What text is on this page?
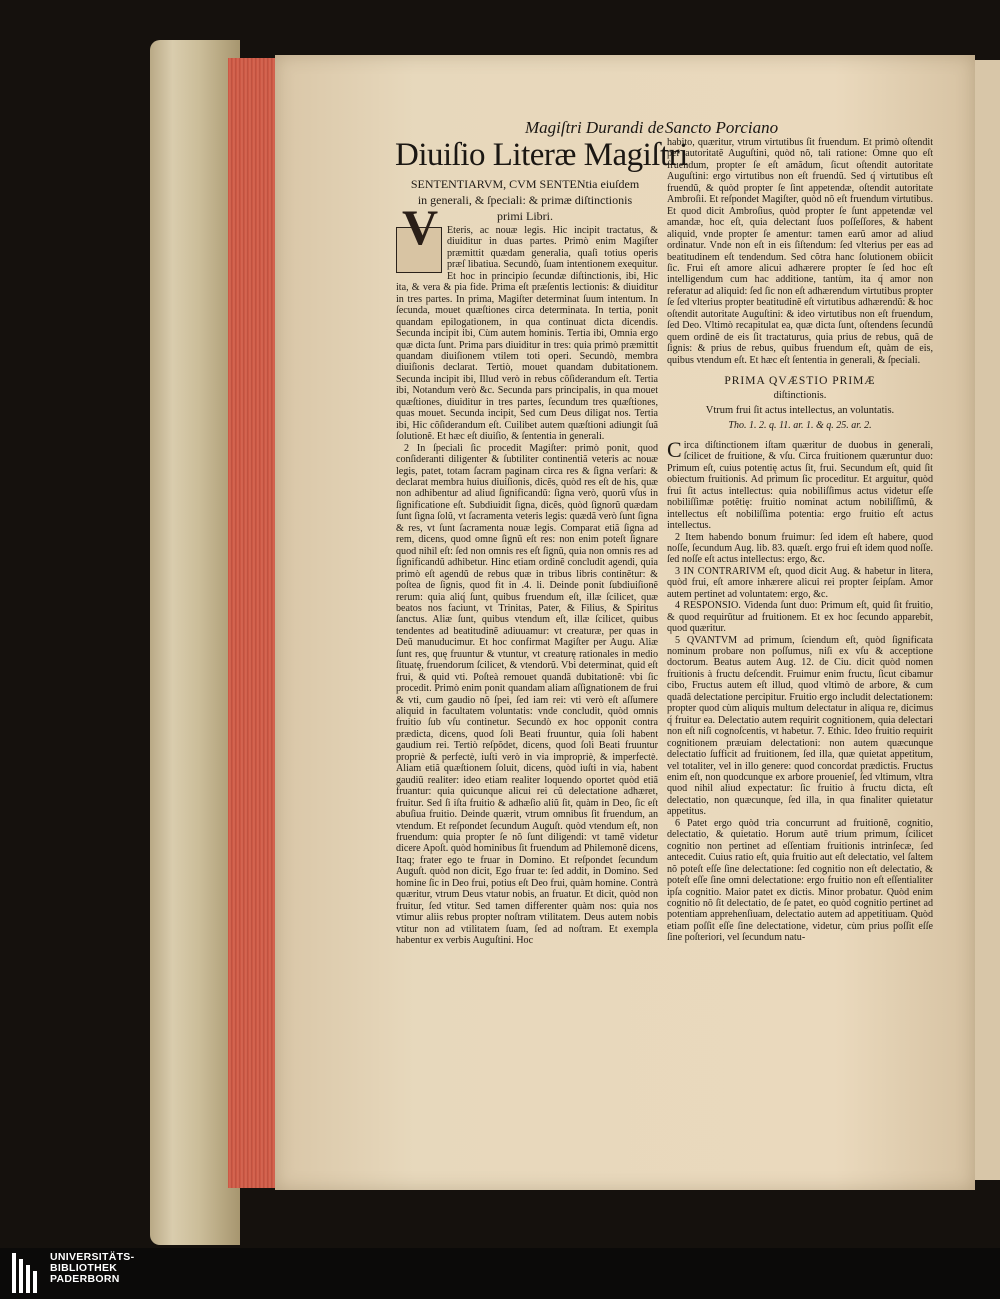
Magiſtri Durandi de Sancto Porciano
Diuiſio Literæ Magiſtri
SENTENTIARVM, CVM SENTENtia eiuſdem in generali, & ſpeciali: & primæ diſtinctionis primi Libri.
V Eteris, ac nouæ legis. Hic incipit tractatus, & diuiditur in duas partes. Primò enim Magiſter præmittit quædam generalia, quaſi totius operis præſ libatiua. Secundò, ſuam intentionem exequitur. Et hoc in principio ſecundæ diſtinctionis, ibi, Hic ita, & vera & pia fide. Prima eſt præſentis lectionis: & diuiditur in tres partes. In prima, Magiſter determinat ſuum intentum. In ſecunda, mouet quæſtiones circa determinata. In tertia, ponit quandam epilogationem, in qua continuat dicta dicendis. Secunda incipit ibi, Cùm autem hominis. Tertia ibi, Omnia ergo quæ dicta ſunt. Prima pars diuiditur in tres: quia primò præmittit quandam diuiſionem vtilem toti operi. Secundò, membra diuiſionis declarat. Tertiò, mouet quandam dubitationem. Secunda incipit ibi, Illud verò in rebus cõſiderandum eſt. Tertia ibi, Notandum verò &c. Secunda pars principalis, in qua mouet quæſtiones, diuiditur in tres partes, ſecundum tres quæſtiones, quas mouet. Secunda incipit, Sed cum Deus diligat nos. Tertia ibi, Hic cõſiderandum eſt. Cuilibet autem quæſtioni adiungit ſuã ſolutionẽ. Et hæc eſt diuiſio, & ſententia in generali.

2 In ſpeciali ſic procedit Magiſter: primò ponit, quod conſideranti diligenter & ſubtiliter continentiã veteris ac nouæ legis, patet, totam ſacram paginam circa res & ſigna verſari: & declarat membra huius diuiſionis, dicẽs, quòd res eſt de his, quæ non adhibentur ad aliud ſignificandũ: ſigna verò, quorũ vſus in ſignificatione eſt. Subdiuidit ſigna, dicẽs, quòd ſignorũ quædam ſunt ſigna ſolũ, vt ſacramenta veteris legis: quædã verò ſunt ſigna & res, vt ſunt ſacramenta nouæ legis. Comparat etiã ſigna ad rem, dicens, quod omne ſignũ eſt res: non enim poteſt ſignare quod nihil eſt: ſed non omnis res eſt ſignũ, quia non omnis res ad ſignificandũ adhibetur. Hinc etiam ordinẽ concludit agendi, quia primò eſt agendũ de rebus quæ in tribus libris continẽtur: & poſtea de ſignis, quod fit in .4. li. Deinde ponit ſubdiuiſionẽ rerum: quia aliq́ ſunt, quibus fruendum eſt, illæ ſcilicet, quæ beatos nos faciunt, vt Trinitas, Pater, & Filius, & Spiritus ſanctus. Aliæ ſunt, quibus vtendum eſt, illæ ſcilicet, quibus tendentes ad beatitudinẽ adiuuamur: vt creaturæ, per quas in Deũ manuducimur. Et hoc confirmat Magiſter per Augu. Aliæ ſunt res, quę fruuntur & vtuntur, vt creaturę rationales in medio ſituatę, fruendorum ſcilicet, & vtendorũ. Vbi determinat, quid eſt frui, & quid vti. Poſteà remouet quandã dubitationẽ: vbi ſic procedit. Primò enim ponit quandam aliam aſſignationem de frui & vti, cum gaudio nõ ſpei, ſed iam rei: vti verò eſt aſſumere aliquid in facultatem voluntatis: vnde concludit, quòd omnis fruitio ſub vſu continetur. Secundò ex hoc opponit contra prædicta, dicens, quod ſoli Beati fruuntur, quia ſoli habent gaudium rei. Tertiò reſpõdet, dicens, quod ſoli Beati fruuntur propriè & perfectè, iuſti verò in via impropriè, & imperfectè. Aliam etiã quæſtionem ſoluit, dicens, quòd iuſti in via, habent gaudiũ realiter: ideo etiam realiter loquendo oportet quòd etiã fruantur: quia quicunque alicui rei cũ delectatione adhæret, fruitur. Sed ſi iſta fruitio & adhæſio aliũ ſit, quàm in Deo, ſic eſt abuſiua fruitio. Deinde quærit, vtrum omnibus ſit fruendum, an vtendum. Et reſpondet ſecundum Auguſt. quòd vtendum eſt, non fruendum: quia propter ſe nõ ſunt diligendi: vt tamẽ videtur dicere Apoſt. quòd hominibus ſit fruendum ad Philemonẽ dicens, Itaq; frater ego te fruar in Domino. Et reſpondet ſecundum Auguſt. quòd non dicit, Ego fruar te: ſed addit, in Domino. Sed homine ſic in Deo frui, potius eſt Deo frui, quàm homine. Contrà quæritur, vtrum Deus vtatur nobis, an fruatur. Et dicit, quòd non fruitur, ſed vtitur. Sed tamen differenter quàm nos: quia nos vtimur aliis rebus propter noſtram vtilitatem. Deus autem nobis vtitur non ad vtilitatem ſuam, ſed ad noſtram. Et exempla habentur ex verbis Auguſtini. Hoc

habito, quæritur, vtrum virtutibus ſit fruendum. Et primò oſtendit per autoritatẽ Auguſtini, quòd nõ, tali ratione: Omne quo eſt fruendum, propter ſe eſt amãdum, ſicut oſtendit autoritate Auguſtini: ergo virtutibus non eſt fruendũ. Sed q́ virtutibus eſt fruendũ, & quòd propter ſe ſint appetendæ, oſtendit autoritate Ambroſii. Et reſpondet Magiſter, quòd nõ eſt fruendum virtutibus. Et quod dicit Ambroſius, quòd propter ſe ſunt appetendæ vel amandæ, hoc eſt, quia delectant ſuos poſſeſſores, & habent aliquid, vnde propter ſe amentur: tamen earũ amor ad aliud ordinatur. Vnde non eſt in eis ſiſtendum: ſed vlterius per eas ad beatitudinem eſt tendendum. Sed cõtra hanc ſolutionem obiicit ſic. Frui eſt amore alicui adhærere propter ſe ſed hoc eſt intelligendum cum hac additione, tantùm, ita q́ amor non referatur ad aliquid: ſed ſic non eſt adhærendum virtutibus propter ſe ſed vlterius propter beatitudinẽ eſt virtutibus adhærendũ: & hoc oſtendit autoritate Auguſtini: & ideo virtutibus non eſt fruendum, ſed Deo. Vltimò recapitulat ea, quæ dicta ſunt, oſtendens ſecundũ quem ordinẽ de eis ſit tractaturus, quia prius de rebus, quã de ſignis: & prius de rebus, quibus fruendum eſt, quàm de eis, quibus vtendum eſt. Et hæc eſt ſententia in generali, & ſpeciali.

PRIMA QVÆSTIO PRIMÆ
diſtinctionis.
Vtrum frui ſit actus intellectus, an voluntatis.
Tho. 1. 2. q. 11. ar. 1. & q. 25. ar. 2.

Circa diſtinctionem iſtam quæritur de duobus in generali, ſcilicet de fruitione, & vſu. Circa fruitionem quæruntur duo: Primum eſt, cuius potentię actus ſit, frui. Secundum eſt, quid ſit obiectum fruitionis. Ad primum ſic proceditur. Et arguitur, quòd frui ſit actus intellectus: quia nobiliſſimus actus videtur eſſe nobiliſſimæ potẽtię: fruitio nominat actum nobiliſſimũ, & intellectus eſt nobiliſſima potentia: ergo fruitio eſt actus intellectus.

2 Item habendo bonum fruimur: ſed idem eſt habere, quod noſſe, ſecundum Aug. lib. 83. quæſt. ergo frui eſt idem quod noſſe. ſed noſſe eſt actus intellectus: ergo, &c.

3 IN CONTRARIVM eſt, quod dicit Aug. & habetur in litera, quòd frui, eſt amore inhærere alicui rei propter ſeipſam. Amor autem pertinet ad voluntatem: ergo, &c.

4 RESPONSIO. Videnda ſunt duo: Primum eſt, quid ſit fruitio, & quod requirũtur ad fruitionem. Et ex hoc ſecundo apparebit, quod quæritur.

5 QVANTVM ad primum, ſciendum eſt, quòd ſignificata nominum probare non poſſumus, niſi ex vſu & acceptione doctorum. Beatus autem Aug. 12. de Ciu. dicit quòd nomen fruitionis à fructu deſcendit. Fruimur enim fructu, ſicut cibamur cibo, Fructus autem eſt illud, quod vltimò de arbore, & cum quadã delectatione percipitur. Fruitio ergo includit delectationem: propter quod cùm aliquis multum delectatur in aliqua re, dicimus q́ fruitur ea. Delectatio autem requirit cognitionem, quia delectari non eſt niſi cognoſcentis, vt habetur. 7. Ethic. Ideo fruitio requirit cognitionem præuiam delectationi: non autem quæcunque delectatio ſufficit ad fruitionem, ſed illa, quæ quietat appetitum, vel totaliter, vel in illo genere: quod concordat prædictis. Fructus enim eſt, non quodcunque ex arbore prouenieſ, ſed vltimum, vltra quod nihil aliud expectatur: ſic fruitio à fructu dicta, eſt delectatio, non quæcunque, ſed illa, in qua finaliter quietatur appetitus.

6 Patet ergo quòd tria concurrunt ad fruitionẽ, cognitio, delectatio, & quietatio. Horum autẽ trium primum, ſcilicet cognitio non pertinet ad eſſentiam fruitionis intrinſecæ, ſed antecedit. Cuius ratio eſt, quia fruitio aut eſt delectatio, vel ſaltem nõ poteſt eſſe ſine delectatione: ſed cognitio non eſt delectatio, & poteſt eſſe ſine omni delectatione: ergo fruitio non eſt eſſentialiter ipſa cognitio. Maior patet ex dictis. Minor probatur. Quòd enim cognitio nõ ſit delectatio, de ſe patet, eo quòd cognitio pertinet ad potentiam apprehenſiuam, delectatio autem ad appetitiuam. Quòd etiam poſſit eſſe ſine delectatione, videtur, cùm prius poſſit eſſe ſine poſteriori, vel ſecundum natu-

UNIVERSITÄTS-
BIBLIOTHEK
PADERBORN
